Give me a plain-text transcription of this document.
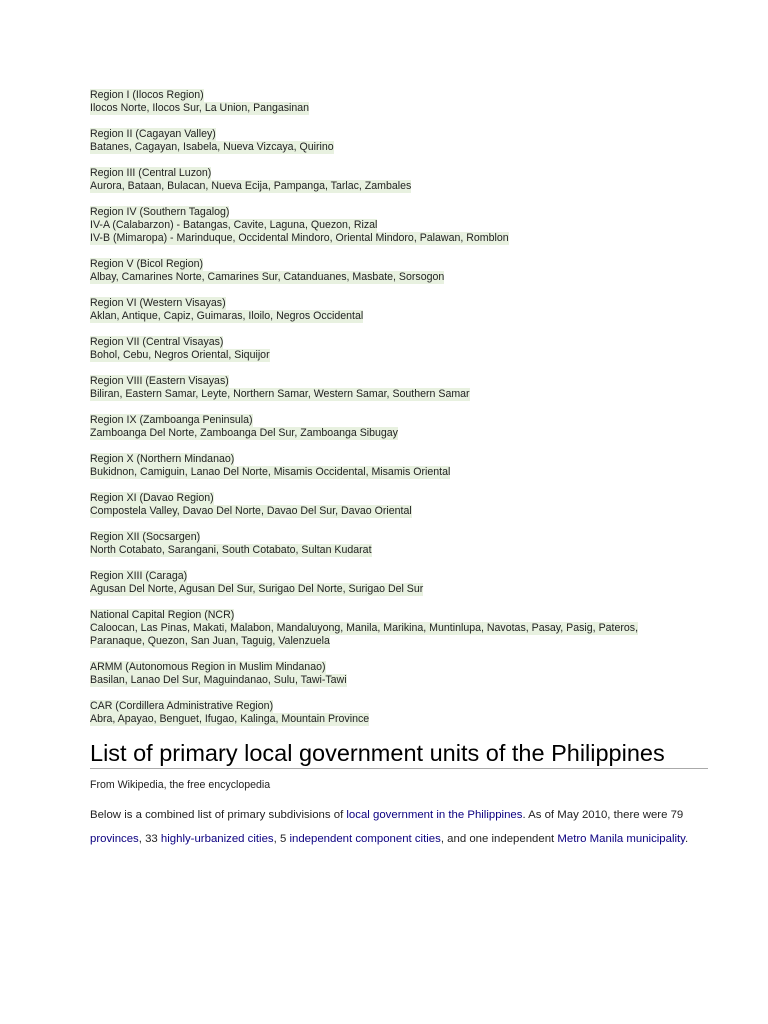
Region I (Ilocos Region)
Ilocos Norte, Ilocos Sur, La Union, Pangasinan
Region II (Cagayan Valley)
Batanes, Cagayan, Isabela, Nueva Vizcaya, Quirino
Region III (Central Luzon)
Aurora, Bataan, Bulacan, Nueva Ecija, Pampanga, Tarlac, Zambales
Region IV (Southern Tagalog)
IV-A (Calabarzon) - Batangas, Cavite, Laguna, Quezon, Rizal
IV-B (Mimaropa) - Marinduque, Occidental Mindoro, Oriental Mindoro, Palawan, Romblon
Region V (Bicol Region)
Albay, Camarines Norte, Camarines Sur, Catanduanes, Masbate, Sorsogon
Region VI (Western Visayas)
Aklan, Antique, Capiz, Guimaras, Iloilo, Negros Occidental
Region VII (Central Visayas)
Bohol, Cebu, Negros Oriental, Siquijor
Region VIII (Eastern Visayas)
Biliran, Eastern Samar, Leyte, Northern Samar, Western Samar, Southern Samar
Region IX (Zamboanga Peninsula)
Zamboanga Del Norte, Zamboanga Del Sur, Zamboanga Sibugay
Region X (Northern Mindanao)
Bukidnon, Camiguin, Lanao Del Norte, Misamis Occidental, Misamis Oriental
Region XI (Davao Region)
Compostela Valley, Davao Del Norte, Davao Del Sur, Davao Oriental
Region XII (Socsargen)
North Cotabato, Sarangani, South Cotabato, Sultan Kudarat
Region XIII (Caraga)
Agusan Del Norte, Agusan Del Sur, Surigao Del Norte, Surigao Del Sur
National Capital Region (NCR)
Caloocan, Las Pinas, Makati, Malabon, Mandaluyong, Manila, Marikina, Muntinlupa, Navotas, Pasay, Pasig, Pateros,
Paranaque, Quezon, San Juan, Taguig, Valenzuela
ARMM (Autonomous Region in Muslim Mindanao)
Basilan, Lanao Del Sur, Maguindanao, Sulu, Tawi-Tawi
CAR (Cordillera Administrative Region)
Abra, Apayao, Benguet, Ifugao, Kalinga, Mountain Province
List of primary local government units of the Philippines
From Wikipedia, the free encyclopedia

Below is a combined list of primary subdivisions of local government in the Philippines. As of May 2010, there were 79 provinces, 33 highly-urbanized cities, 5 independent component cities, and one independent Metro Manila municipality.
